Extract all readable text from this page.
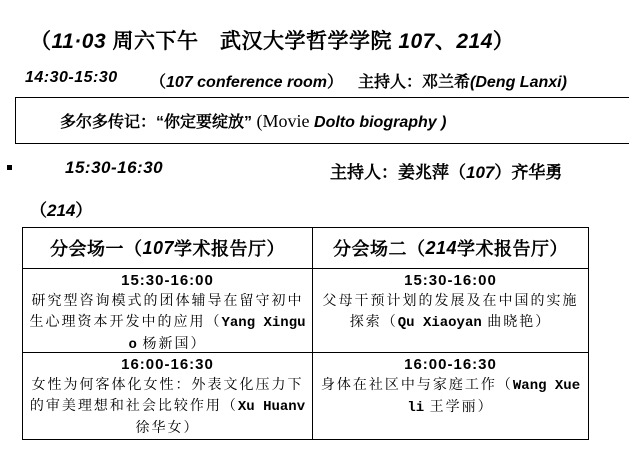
（11·03 周六下午　武汉大学哲学学院 107、214）
14:30-15:30 （107 conference room） 主持人：邓兰希(Deng Lanxi)
多尔多传记：“你定要绽放” (Movie Dolto biography )
15:30-16:30	主持人：姜兆萍（107）齐华勇
（214）
分会场一（ 107 学术报告厅）	分会场二（ 214 学术报告厅）
15:30-16:00
研究型咨询模式的团体辅导在留守初中生心理资本开发中的应用（Yang Xinguo 杨新国）
15:30-16:00
父母干预计划的发展及在中国的实施探索（Qu Xiaoyan 曲晓艳）
16:00-16:30
女性为何客体化女性：外表文化压力下的审美理想和社会比较作用（Xu Huanv 徐华女）
16:00-16:30
身体在社区中与家庭工作（Wang Xueli 王学丽）
